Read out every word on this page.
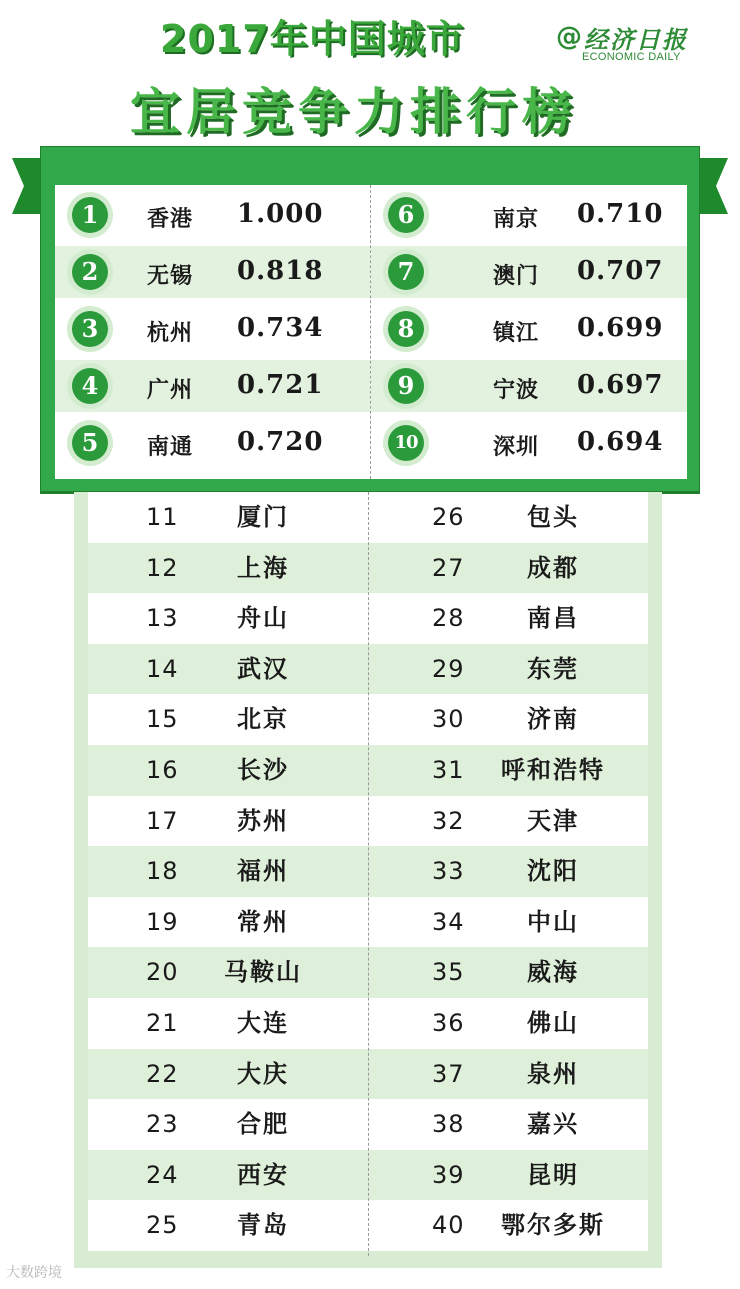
2017年中国城市
宜居竞争力排行榜
@ 经济日报
ECONOMIC DAILY
1	香港 1.000
2	无锡 0.818
3	杭州 0.734
4	广州 0.721
5	南通 0.720
6	南京 0.710
7	澳门 0.707
8	镇江 0.699
9	宁波 0.697
10	深圳 0.694
11	厦门	26	包头
12	上海	27	成都
13	舟山	28	南昌
14	武汉	29	东莞
15	北京	30	济南
16	长沙	31	呼和浩特
17	苏州	32	天津
18	福州	33	沈阳
19	常州	34	中山
20	马鞍山	35	威海
21	大连	36	佛山
22	大庆	37	泉州
23	合肥	38	嘉兴
24	西安	39	昆明
25	青岛	40	鄂尔多斯
大数跨境
